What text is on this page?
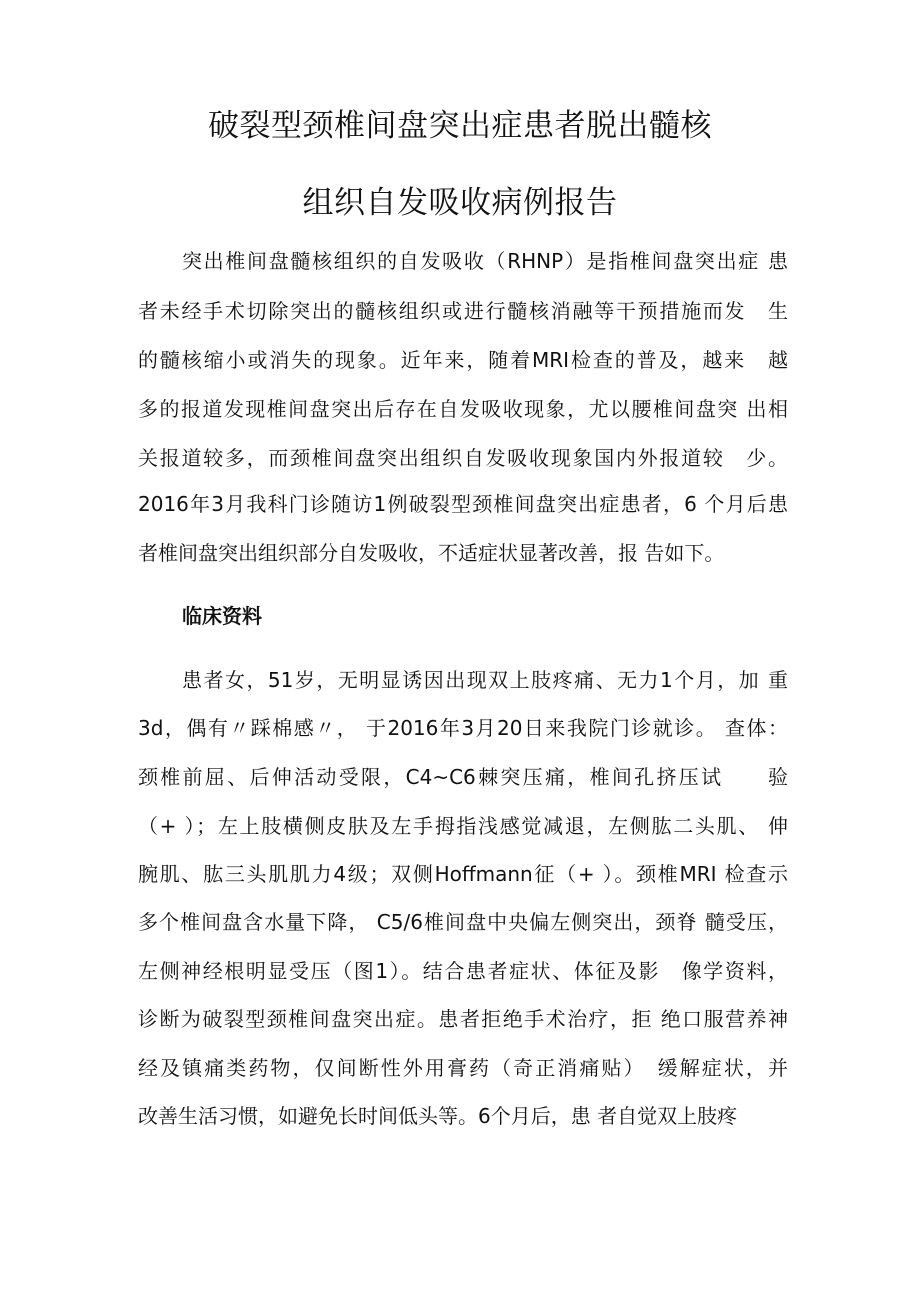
破裂型颈椎间盘突出症患者脱出髓核
组织自发吸收病例报告
突出椎间盘髓核组织的自发吸收（RHNP）是指椎间盘突出症 患
者未经手术切除突出的髓核组织或进行髓核消融等干预措施而发　生
的髓核缩小或消失的现象。近年来，随着MRI检查的普及，越来　越
多的报道发现椎间盘突出后存在自发吸收现象，尤以腰椎间盘突 出相
关报道较多，而颈椎间盘突出组织自发吸收现象国内外报道较　少。
2016年3月我科门诊随访1例破裂型颈椎间盘突出症患者，6 个月后患
者椎间盘突出组织部分自发吸收，不适症状显著改善，报 告如下。
临床资料
患者女，51岁，无明显诱因出现双上肢疼痛、无力1个月，加 重
3d，偶有〃踩棉感〃， 于2016年3月20日来我院门诊就诊。 查体：
颈椎前屈、后伸活动受限，C4~C6棘突压痛，椎间孔挤压试　　验
（+ ）；左上肢横侧皮肤及左手拇指浅感觉减退，左侧肱二头肌、 伸
腕肌、肱三头肌肌力4级；双侧Hoffmann征（+ ）。颈椎MRI 检查示
多个椎间盘含水量下降， C5/6椎间盘中央偏左侧突出，颈脊 髓受压，
左侧神经根明显受压（图1）。结合患者症状、体征及影　像学资料，
诊断为破裂型颈椎间盘突出症。患者拒绝手术治疗，拒 绝口服营养神
经及镇痛类药物，仅间断性外用膏药（奇正消痛贴）　缓解症状，并
改善生活习惯，如避免长时间低头等。6个月后，患 者自觉双上肢疼
